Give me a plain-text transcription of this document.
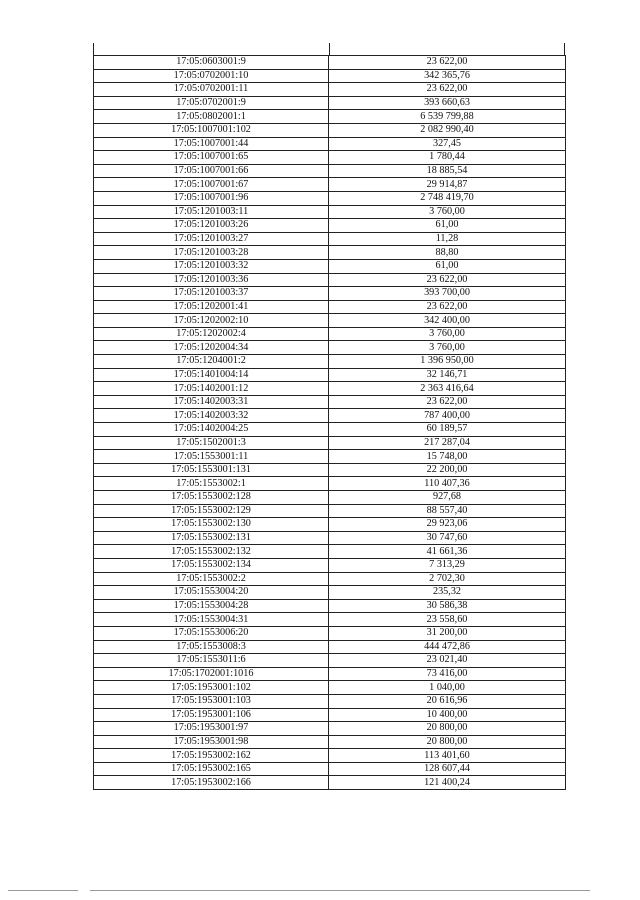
17:05:0603001:9	23 622,00
17:05:0702001:10	342 365,76
17:05:0702001:11	23 622,00
17:05:0702001:9	393 660,63
17:05:0802001:1	6 539 799,88
17:05:1007001:102	2 082 990,40
17:05:1007001:44	327,45
17:05:1007001:65	1 780,44
17:05:1007001:66	18 885,54
17:05:1007001:67	29 914,87
17:05:1007001:96	2 748 419,70
17:05:1201003:11	3 760,00
17:05:1201003:26	61,00
17:05:1201003:27	11,28
17:05:1201003:28	88,80
17:05:1201003:32	61,00
17:05:1201003:36	23 622,00
17:05:1201003:37	393 700,00
17:05:1202001:41	23 622,00
17:05:1202002:10	342 400,00
17:05:1202002:4	3 760,00
17:05:1202004:34	3 760,00
17:05:1204001:2	1 396 950,00
17:05:1401004:14	32 146,71
17:05:1402001:12	2 363 416,64
17:05:1402003:31	23 622,00
17:05:1402003:32	787 400,00
17:05:1402004:25	60 189,57
17:05:1502001:3	217 287,04
17:05:1553001:11	15 748,00
17:05:1553001:131	22 200,00
17:05:1553002:1	110 407,36
17:05:1553002:128	927,68
17:05:1553002:129	88 557,40
17:05:1553002:130	29 923,06
17:05:1553002:131	30 747,60
17:05:1553002:132	41 661,36
17:05:1553002:134	7 313,29
17:05:1553002:2	2 702,30
17:05:1553004:20	235,32
17:05:1553004:28	30 586,38
17:05:1553004:31	23 558,60
17:05:1553006:20	31 200,00
17:05:1553008:3	444 472,86
17:05:1553011:6	23 021,40
17:05:1702001:1016	73 416,00
17:05:1953001:102	1 040,00
17:05:1953001:103	20 616,96
17:05:1953001:106	10 400,00
17:05:1953001:97	20 800,00
17:05:1953001:98	20 800,00
17:05:1953002:162	113 401,60
17:05:1953002:165	128 607,44
17:05:1953002:166	121 400,24
